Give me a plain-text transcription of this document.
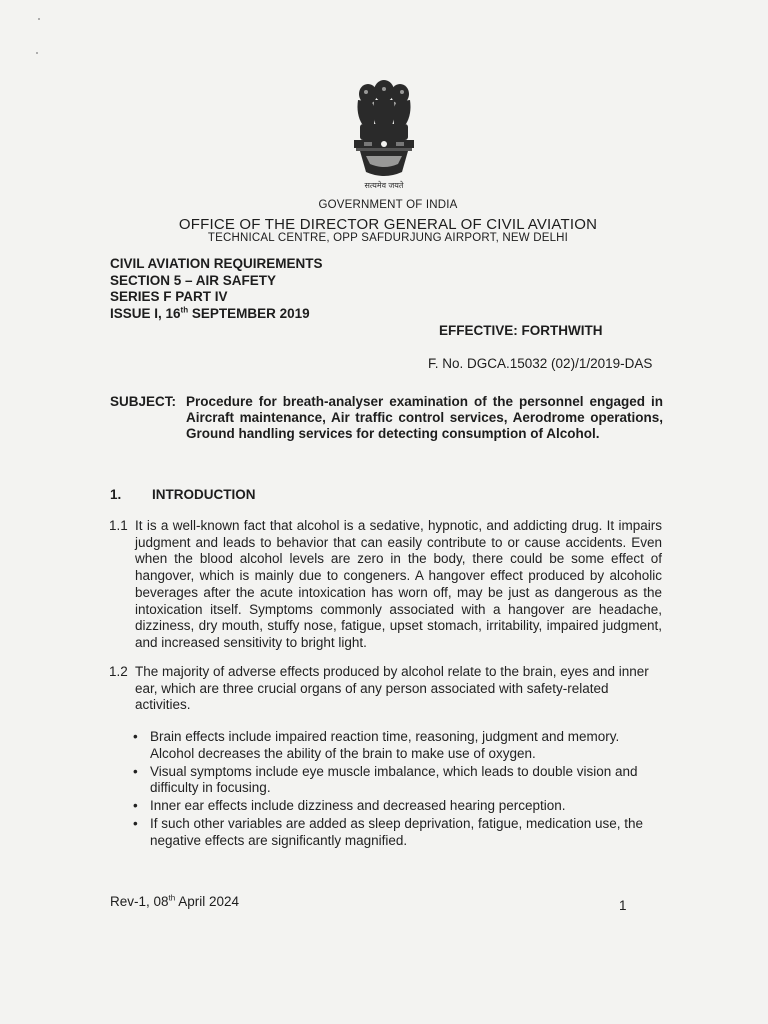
सत्यमेव जयते
GOVERNMENT OF INDIA
OFFICE OF THE DIRECTOR GENERAL OF CIVIL AVIATION
TECHNICAL CENTRE, OPP SAFDURJUNG AIRPORT, NEW DELHI
CIVIL AVIATION REQUIREMENTS
SECTION 5 – AIR SAFETY
SERIES F PART IV
ISSUE I, 16th SEPTEMBER 2019
EFFECTIVE: FORTHWITH
F. No. DGCA.15032 (02)/1/2019-DAS
SUBJECT: Procedure for breath-analyser examination of the personnel engaged in Aircraft maintenance, Air traffic control services, Aerodrome operations, Ground handling services for detecting consumption of Alcohol.
1. INTRODUCTION
1.1 It is a well-known fact that alcohol is a sedative, hypnotic, and addicting drug. It impairs judgment and leads to behavior that can easily contribute to or cause accidents. Even when the blood alcohol levels are zero in the body, there could be some effect of hangover, which is mainly due to congeners. A hangover effect produced by alcoholic beverages after the acute intoxication has worn off, may be just as dangerous as the intoxication itself. Symptoms commonly associated with a hangover are headache, dizziness, dry mouth, stuffy nose, fatigue, upset stomach, irritability, impaired judgment, and increased sensitivity to bright light.
1.2 The majority of adverse effects produced by alcohol relate to the brain, eyes and inner ear, which are three crucial organs of any person associated with safety-related activities.
• Brain effects include impaired reaction time, reasoning, judgment and memory. Alcohol decreases the ability of the brain to make use of oxygen.
• Visual symptoms include eye muscle imbalance, which leads to double vision and difficulty in focusing.
• Inner ear effects include dizziness and decreased hearing perception.
• If such other variables are added as sleep deprivation, fatigue, medication use, the negative effects are significantly magnified.
Rev-1, 08th April 2024	1
